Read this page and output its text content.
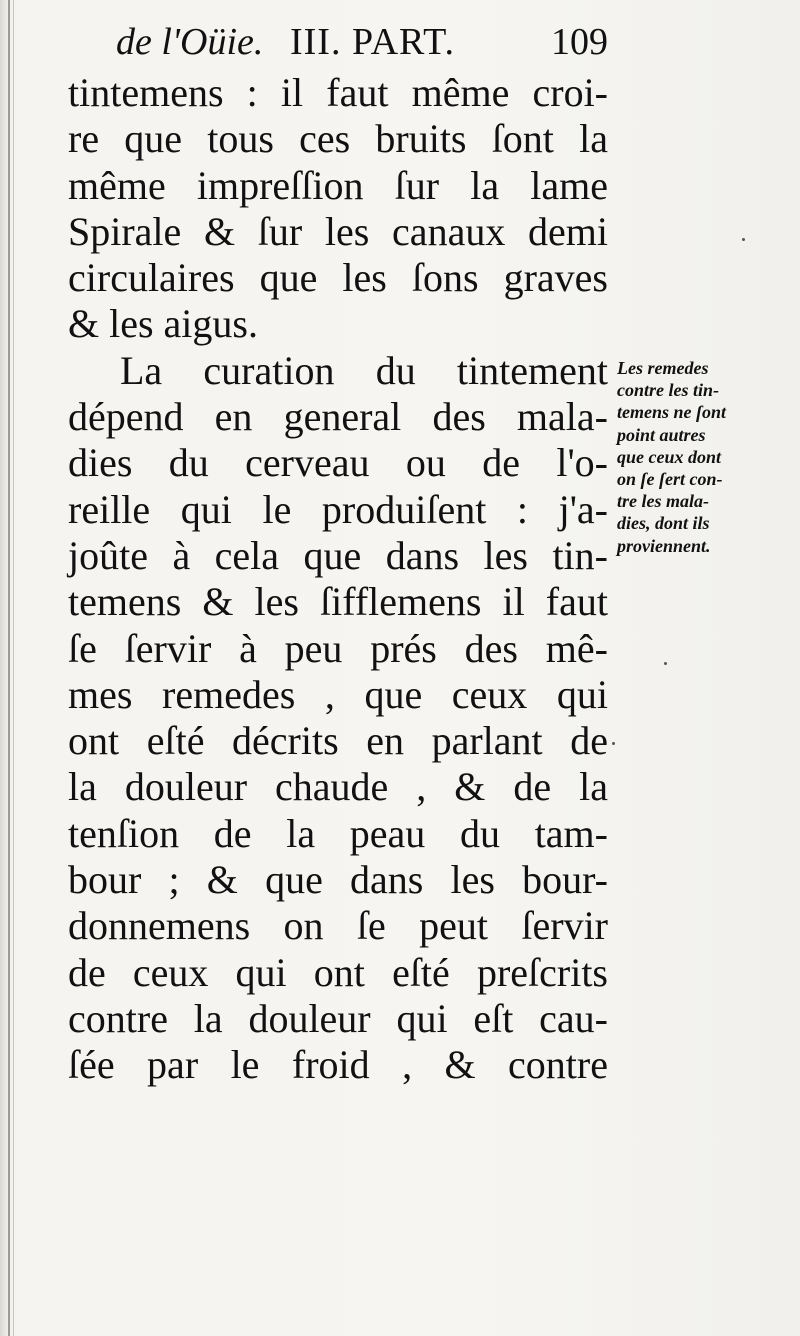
de l'Oüie. III. PART.	109
tintemens : il faut même croi-
re que tous ces bruits ſont la
même impreſſion ſur la lame
Spirale & ſur les canaux demi
circulaires que les ſons graves
& les aigus.
La curation du tintement
dépend en general des mala-
dies du cerveau ou de l'o-
reille qui le produiſent : j'a-
joûte à cela que dans les tin-
temens & les ſifflemens il faut
ſe ſervir à peu prés des mê-
mes remedes , que ceux qui
ont eſté décrits en parlant de
la douleur chaude , & de la
tenſion de la peau du tam-
bour ; & que dans les bour-
donnemens on ſe peut ſervir
de ceux qui ont eſté preſcrits
contre la douleur qui eſt cau-
ſée par le froid , & contre
Les remedes
contre les tin-
temens ne ſont
point autres
que ceux dont
on ſe ſert con-
tre les mala-
dies, dont ils
proviennent.
